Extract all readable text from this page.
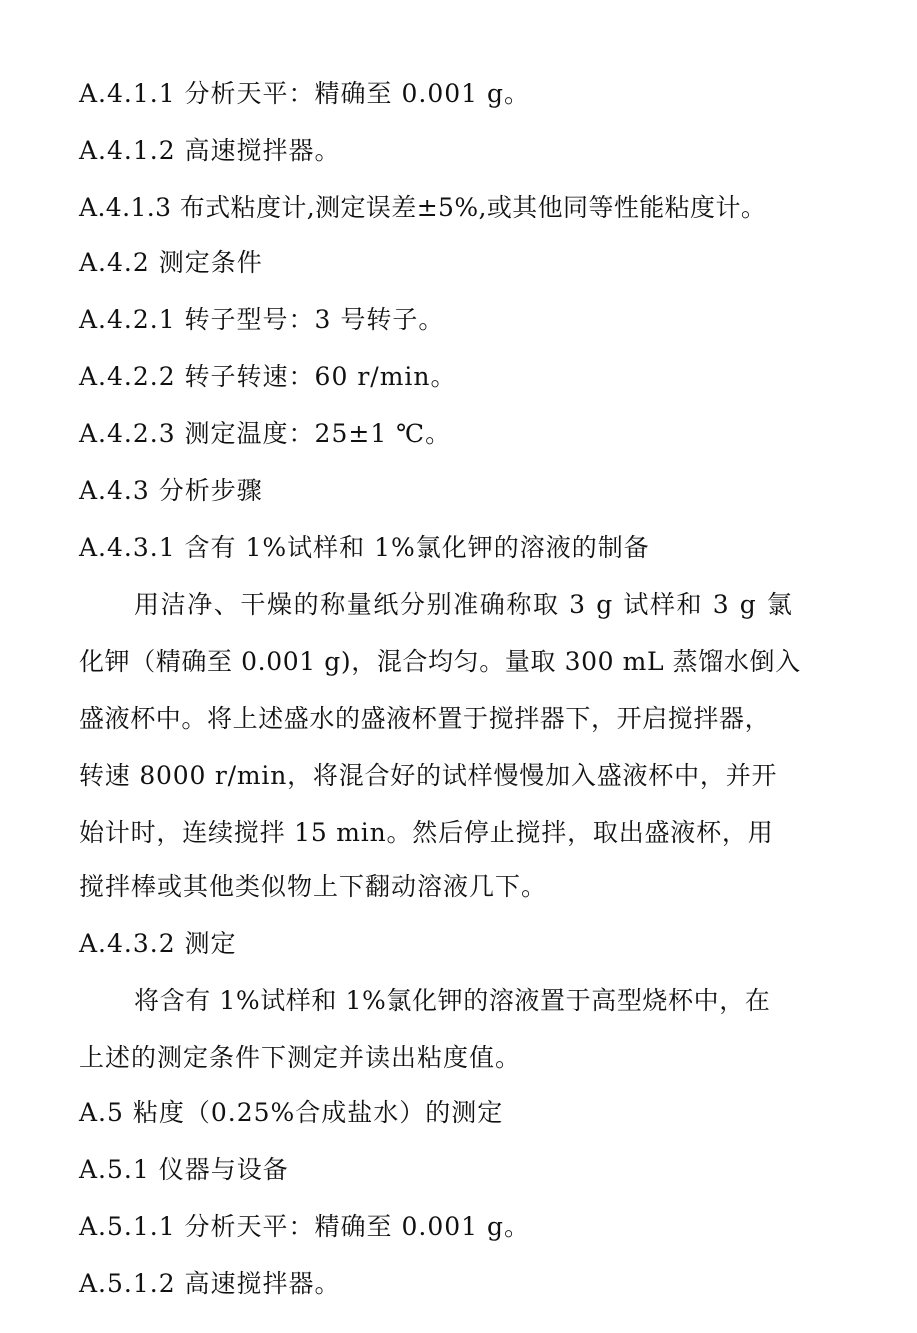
A.4.1.1 分析天平：精确至 0.001 g。
A.4.1.2 高速搅拌器。
A.4.1.3 布式粘度计,测定误差±5%,或其他同等性能粘度计。
A.4.2 测定条件
A.4.2.1 转子型号：3 号转子。
A.4.2.2 转子转速：60 r/min。
A.4.2.3 测定温度：25±1 ℃。
A.4.3 分析步骤
A.4.3.1 含有 1%试样和 1%氯化钾的溶液的制备
用洁净、干燥的称量纸分别准确称取 3 g 试样和 3 g 氯
化钾（精确至 0.001 g)，混合均匀。量取 300 mL 蒸馏水倒入
盛液杯中。将上述盛水的盛液杯置于搅拌器下，开启搅拌器，
转速 8000 r/min，将混合好的试样慢慢加入盛液杯中，并开
始计时，连续搅拌 15 min。然后停止搅拌，取出盛液杯，用
搅拌棒或其他类似物上下翻动溶液几下。
A.4.3.2 测定
将含有 1%试样和 1%氯化钾的溶液置于高型烧杯中，在
上述的测定条件下测定并读出粘度值。
A.5 粘度（0.25%合成盐水）的测定
A.5.1 仪器与设备
A.5.1.1 分析天平：精确至 0.001 g。
A.5.1.2 高速搅拌器。
